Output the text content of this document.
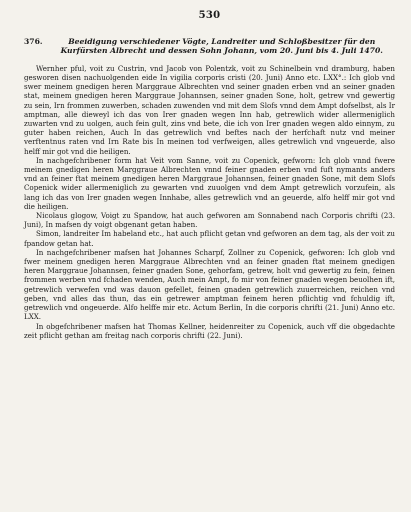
530
376.	Beeidigung verschiedener Vögte, Landreiter und Schloßbesitzer für den Kurfürsten Albrecht und dessen Sohn Johann, vom 20. Juni bis 4. Juli 1470.

Wernher pful, voit zu Custrin, vnd Jacob von Polentzk, voit zu Schinelbein vnd dramburg, haben gesworen disen nachuolgenden eide In vigilia corporis cristi (20. Juni) Anno etc. LXX°.: Ich glob vnd swer meinem gnedigen heren Marggraue Albrechten vnd seiner gnaden erben vnd an seiner gnaden stat, meinem gnedigen heren Marggraue Johannsen, seiner gnaden Sone, holt, getrew vnd gewertig zu sein, Irn frommen zuwerben, schaden zuwenden vnd mit dem Slofs vnnd dem Ampt dofselbst, als Ir amptman, alle dieweyl ich das von Irer gnaden wegen Inn hab, getrewlich wider allermeniglich zuwarten vnd zu uolgen, auch fein gult, zins vnd bete, die ich von Irer gnaden wegen aldo einnym, zu guter haben reichen, Auch In das getrewlich vnd beftes nach der herfchaft nutz vnd meiner verftentnus raten vnd Irn Rate bis In meinen tod verfweigen, alles getrewlich vnd vngeuerde, also helff mir got vnd die heiligen.

In nachgefchribener form hat Veit vom Sanne, voit zu Copenick, gefworn: Ich glob vnnd fwere meinem gnedigen heren Marggraue Albrechten vnnd feiner gnaden erben vnd fuft nymants anders vnd an feiner ftat meinem gnedigen heren Marggraue Johannsen, feiner gnaden Sone, mit dem Slofs Copenick wider allermeniglich zu gewarten vnd zuuolgen vnd dem Ampt getrewlich vorzufein, als lang ich das von Irer gnaden wegen Innhabe, alles getrewlich vnd an geuerde, alfo helff mir got vnd die heiligen.

Nicolaus glogow, Voigt zu Spandow, hat auch gefworen am Sonnabend nach Corporis chrifti (23. Juni), In mafsen dy voigt obgenant getan haben.

Simon, landreiter Im habeland etc., hat auch pflicht getan vnd gefworen an dem tag, als der voit zu fpandow getan hat.

In nachgefchribener mafsen hat Johannes Scharpf, Zollner zu Copenick, gefworen: Ich glob vnd fwer meinem gnedigen heren Marggraue Albrechten vnd an feiner gnaden ftat meinem gnedigen heren Marggraue Johannsen, feiner gnaden Sone, gehorfam, getrew, holt vnd gewertig zu fein, feinen frommen werben vnd fchaden wenden, Auch mein Ampt, fo mir von feiner gnaden wegen beuolhen ift, getrewlich verwefen vnd was dauon gefellet, feinen gnaden getrewlich zuuerreichen, reichen vnd geben, vnd alles das thun, das ein getrewer amptman feinem heren pflichtig vnd fchuldig ift, getrewlich vnd ongeuerde. Alfo helffe mir etc. Actum Berlin, In die corporis chrifti (21. Juni) Anno etc. LXX.

In obgefchribener mafsen hat Thomas Kellner, heidenreiter zu Copenick, auch vff die obgedachte zeit pflicht gethan am freitag nach corporis chrifti (22. Juni).
